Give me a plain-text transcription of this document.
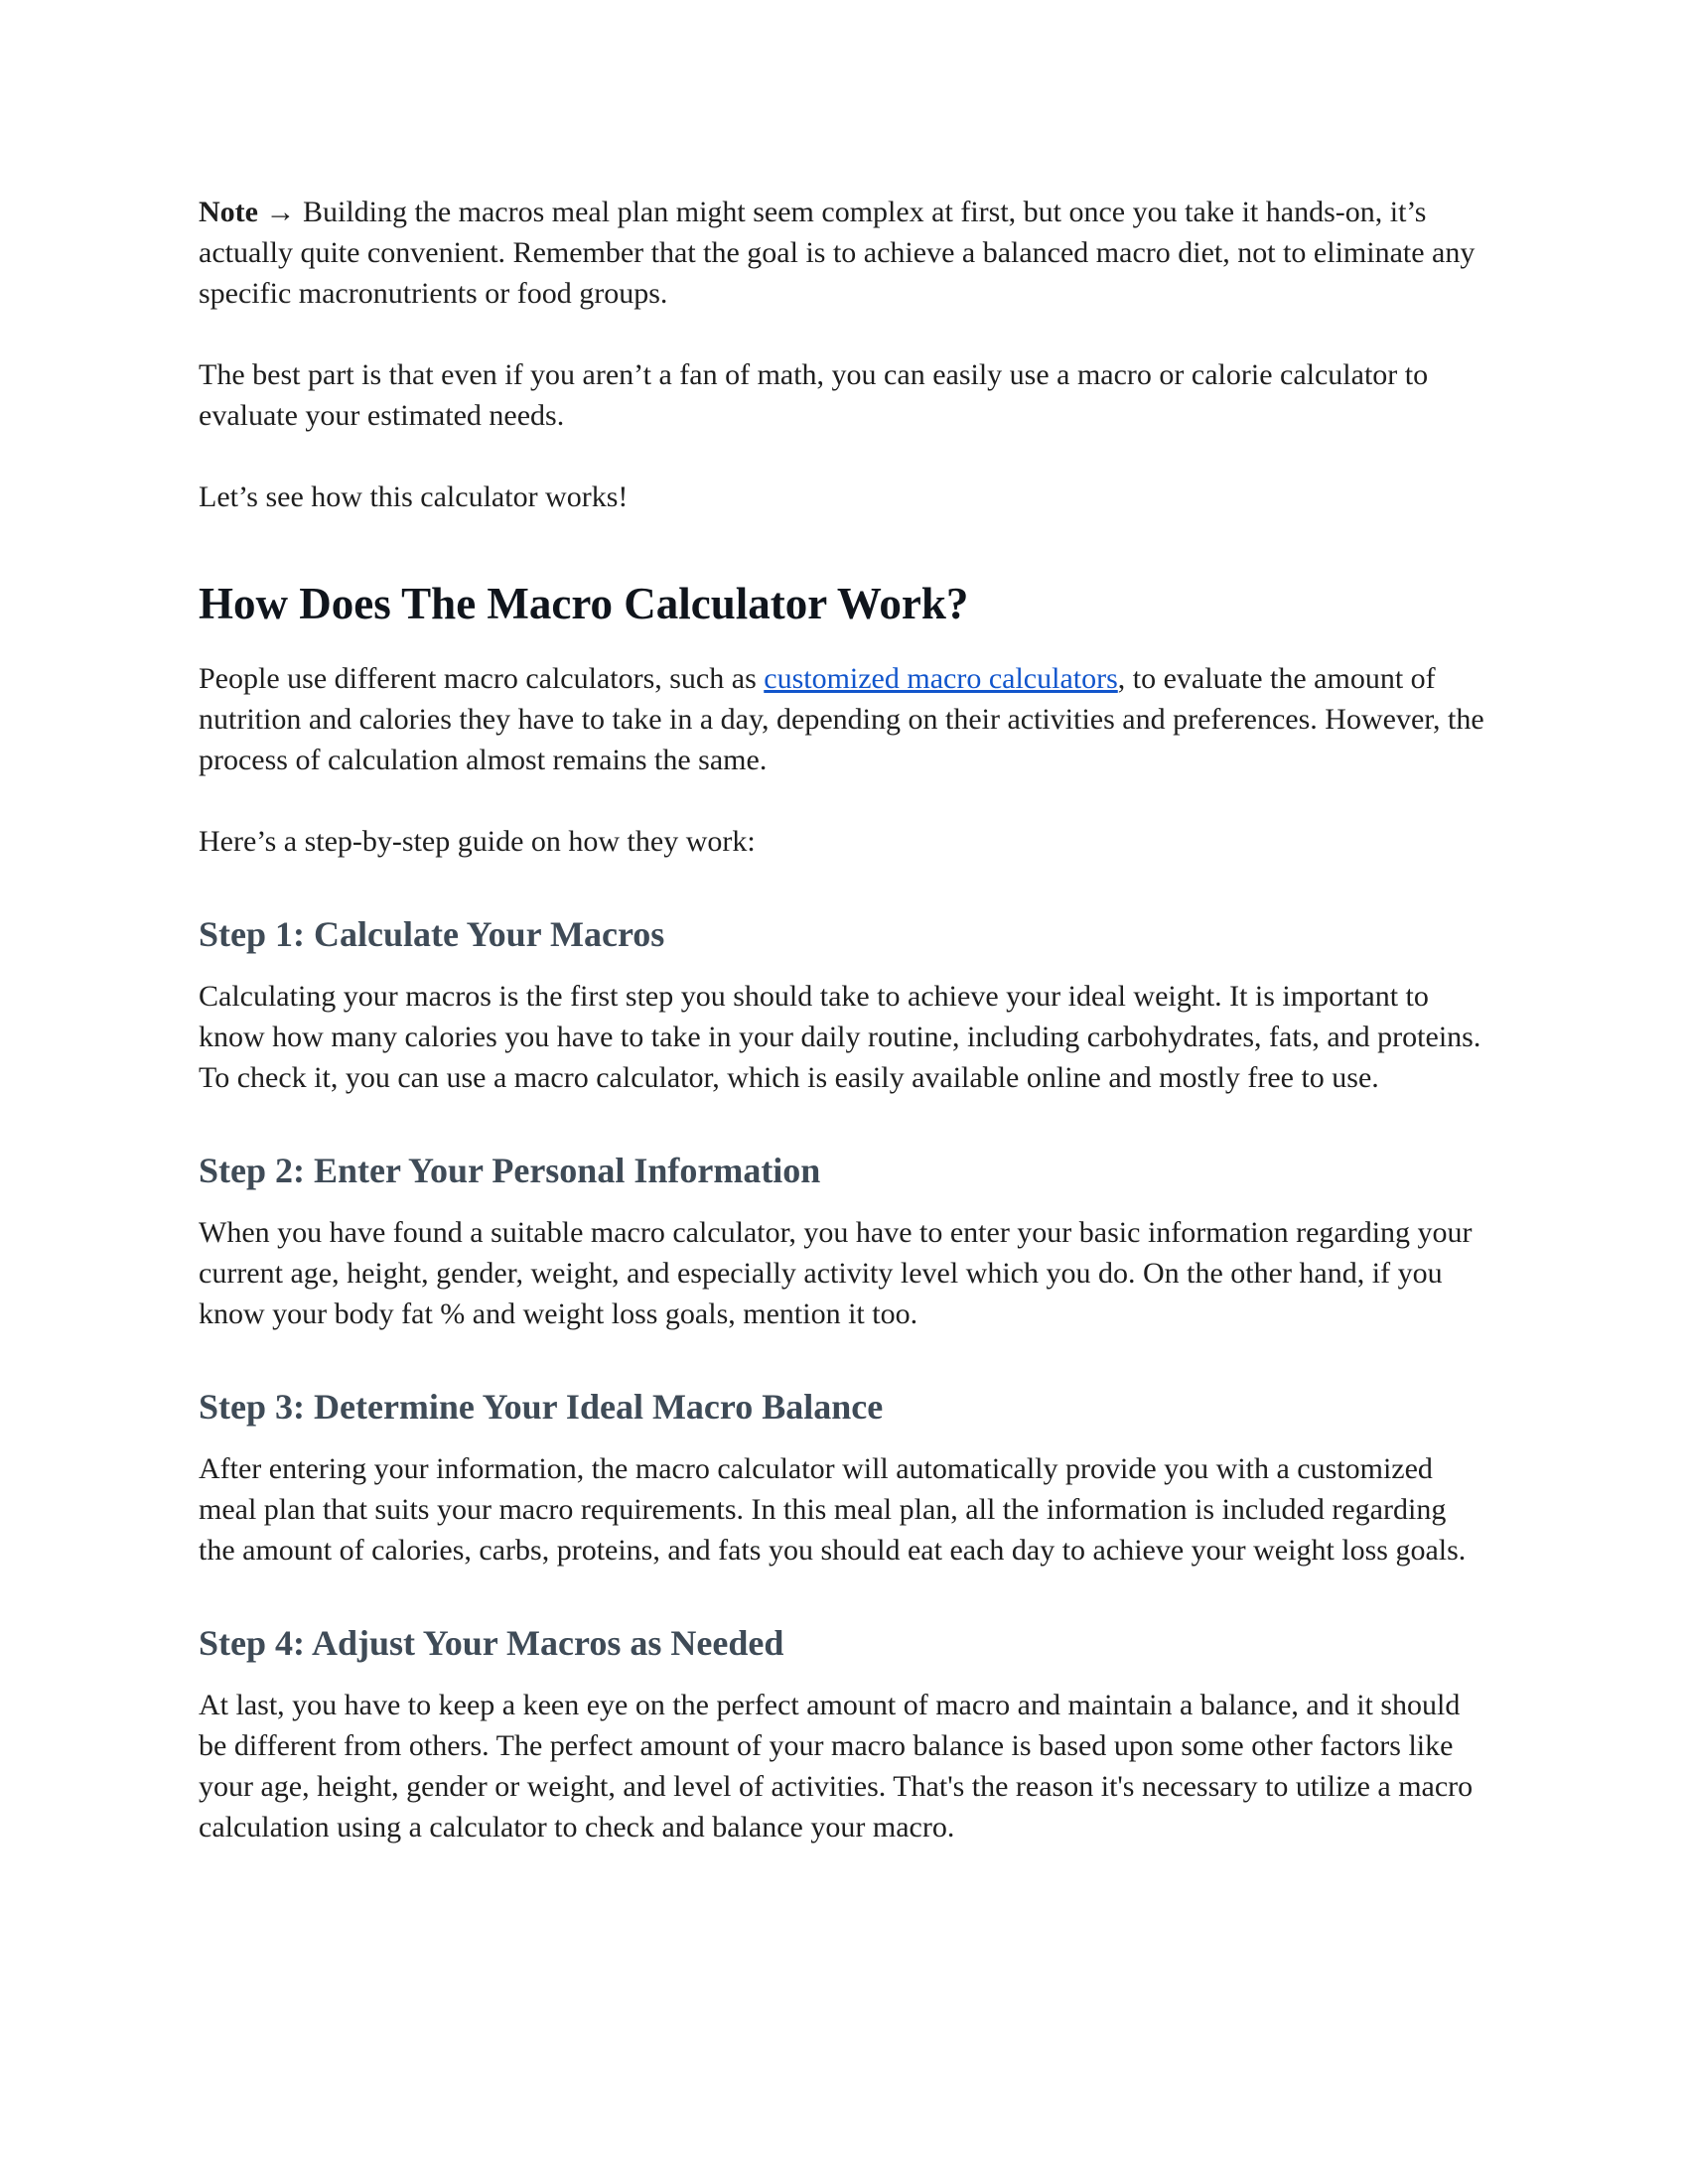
Note → Building the macros meal plan might seem complex at first, but once you take it hands-on, it’s actually quite convenient. Remember that the goal is to achieve a balanced macro diet, not to eliminate any specific macronutrients or food groups.

The best part is that even if you aren’t a fan of math, you can easily use a macro or calorie calculator to evaluate your estimated needs.

Let’s see how this calculator works!

How Does The Macro Calculator Work?

People use different macro calculators, such as customized macro calculators, to evaluate the amount of nutrition and calories they have to take in a day, depending on their activities and preferences. However, the process of calculation almost remains the same.

Here’s a step-by-step guide on how they work:

Step 1: Calculate Your Macros

Calculating your macros is the first step you should take to achieve your ideal weight. It is important to know how many calories you have to take in your daily routine, including carbohydrates, fats, and proteins. To check it, you can use a macro calculator, which is easily available online and mostly free to use.

Step 2: Enter Your Personal Information

When you have found a suitable macro calculator, you have to enter your basic information regarding your current age, height, gender, weight, and especially activity level which you do. On the other hand, if you know your body fat % and weight loss goals, mention it too.

Step 3: Determine Your Ideal Macro Balance

After entering your information, the macro calculator will automatically provide you with a customized meal plan that suits your macro requirements. In this meal plan, all the information is included regarding the amount of calories, carbs, proteins, and fats you should eat each day to achieve your weight loss goals.

Step 4: Adjust Your Macros as Needed

At last, you have to keep a keen eye on the perfect amount of macro and maintain a balance, and it should be different from others. The perfect amount of your macro balance is based upon some other factors like your age, height, gender or weight, and level of activities. That's the reason it's necessary to utilize a macro calculation using a calculator to check and balance your macro.
